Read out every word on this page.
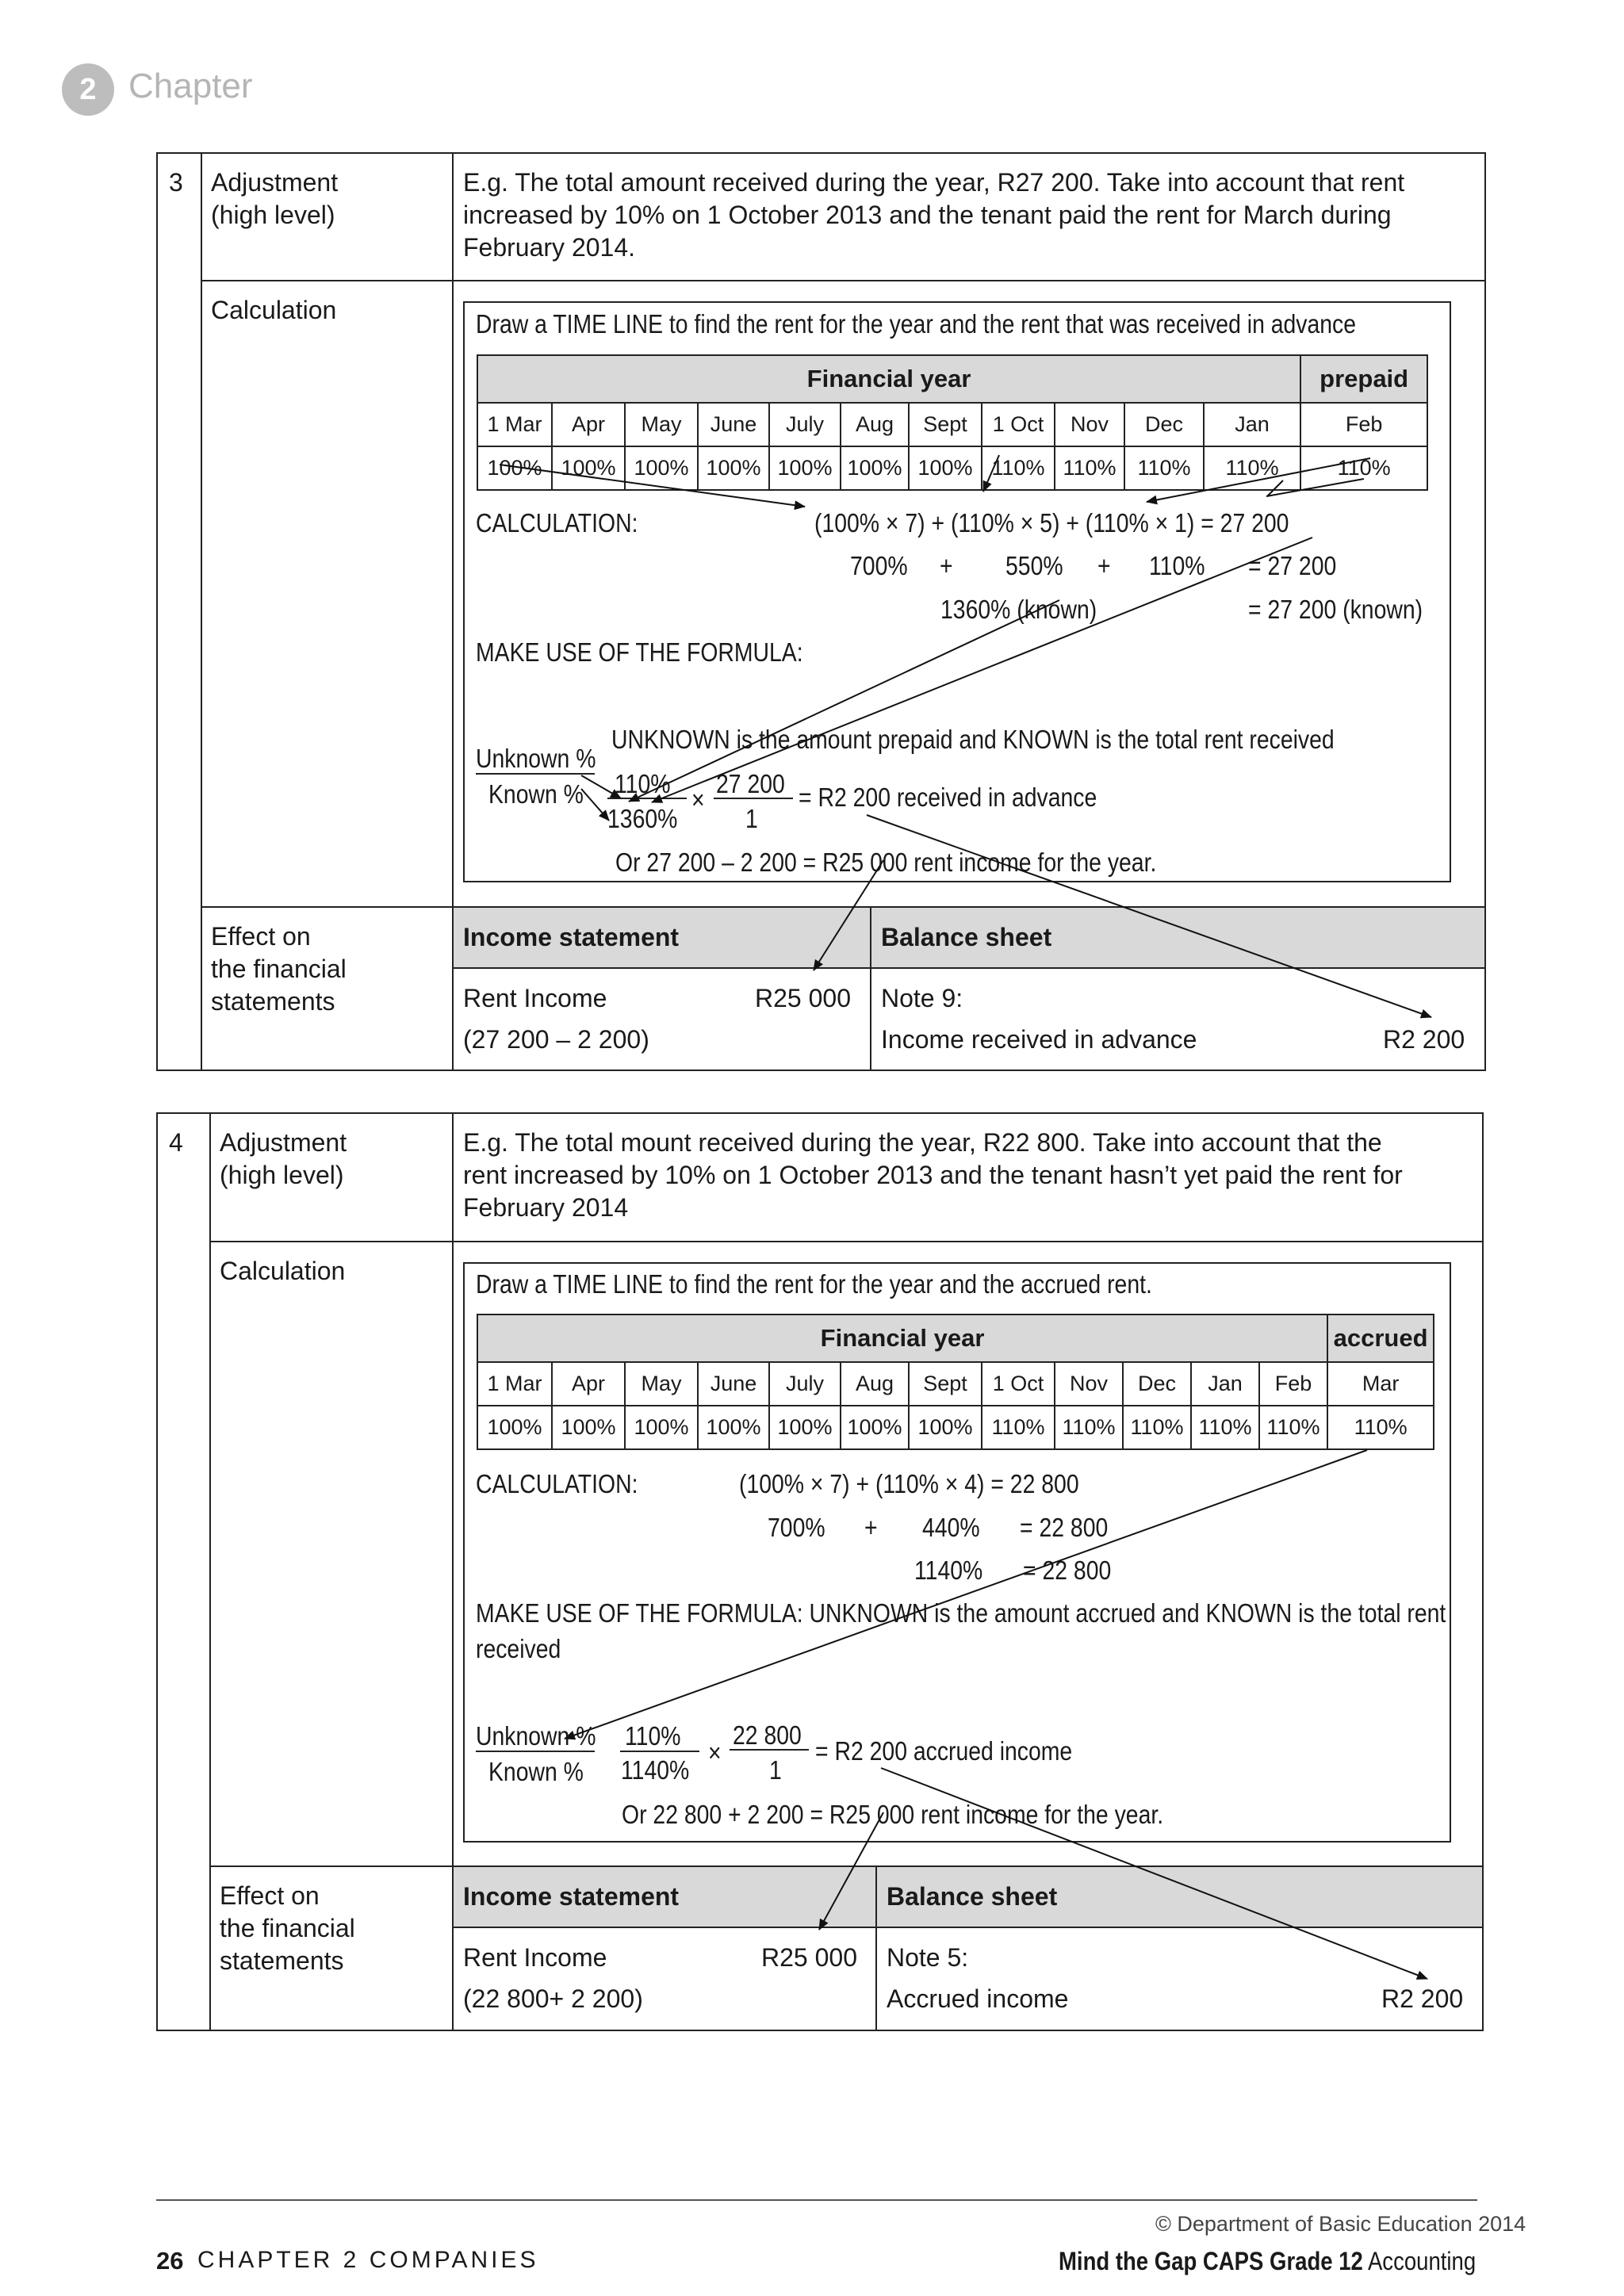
2 Chapter
3 Adjustment
(high level)
E.g. The total amount received during the year, R27 200. Take into account that rent
increased by 10% on 1 October 2013 and the tenant paid the rent for March during
February 2014.
Calculation	Draw a TIME LINE to find the rent for the year and the rent that was received in advance
Financial year											prepaid
1 Mar	Apr	May	June	July	Aug	Sept	1 Oct	Nov	Dec	Jan	Feb
100%	100%	100%	100%	100%	100%	100%	110%	110%	110%	110%	110%
CALCULATION:	(100% × 7) + (110% × 5) + (110% × 1) = 27 200
700% + 550% + 110% = 27 200
1360% (known)	= 27 200 (known)
MAKE USE OF THE FORMULA:
UNKNOWN is the amount prepaid and KNOWN is the total rent received
Unknown %
Known % 110%
1360%
×
27 200
1
= R2 200 received in advance
Or 27 200 – 2 200 = R25 000 rent income for the year.
Effect on
the financial
statements
Income statement	Balance sheet
Rent Income	R25 000
(27 200 – 2 200)
Note 9:
Income received in advance	R2 200
4 Adjustment
(high level)
E.g. The total mount received during the year, R22 800. Take into account that the
rent increased by 10% on 1 October 2013 and the tenant hasn’t yet paid the rent for
February 2014
Calculation	Draw a TIME LINE to find the rent for the year and the accrued rent.
Financial year												accrued
1 Mar	Apr	May	June	July	Aug	Sept	1 Oct	Nov	Dec	Jan	Feb	Mar
100%	100%	100%	100%	100%	100%	100%	110%	110%	110%	110%	110%	110%
CALCULATION:	(100% × 7) + (110% × 4) = 22 800
700% + 440% = 22 800
1140% = 22 800
MAKE USE OF THE FORMULA: UNKNOWN is the amount accrued and KNOWN is the total rent
received
Unknown %
Known %
110%
1140%
×
22 800
1
= R2 200 accrued income
Or 22 800 + 2 200 = R25 000 rent income for the year.
Effect on
the financial
statements
Income statement	Balance sheet
Rent Income	R25 000
(22 800+ 2 200)
Note 5:
Accrued income	R2 200
© Department of Basic Education 2014
26 CHAPTER 2 COMPANIES	Mind the Gap CAPS Grade 12 Accounting
